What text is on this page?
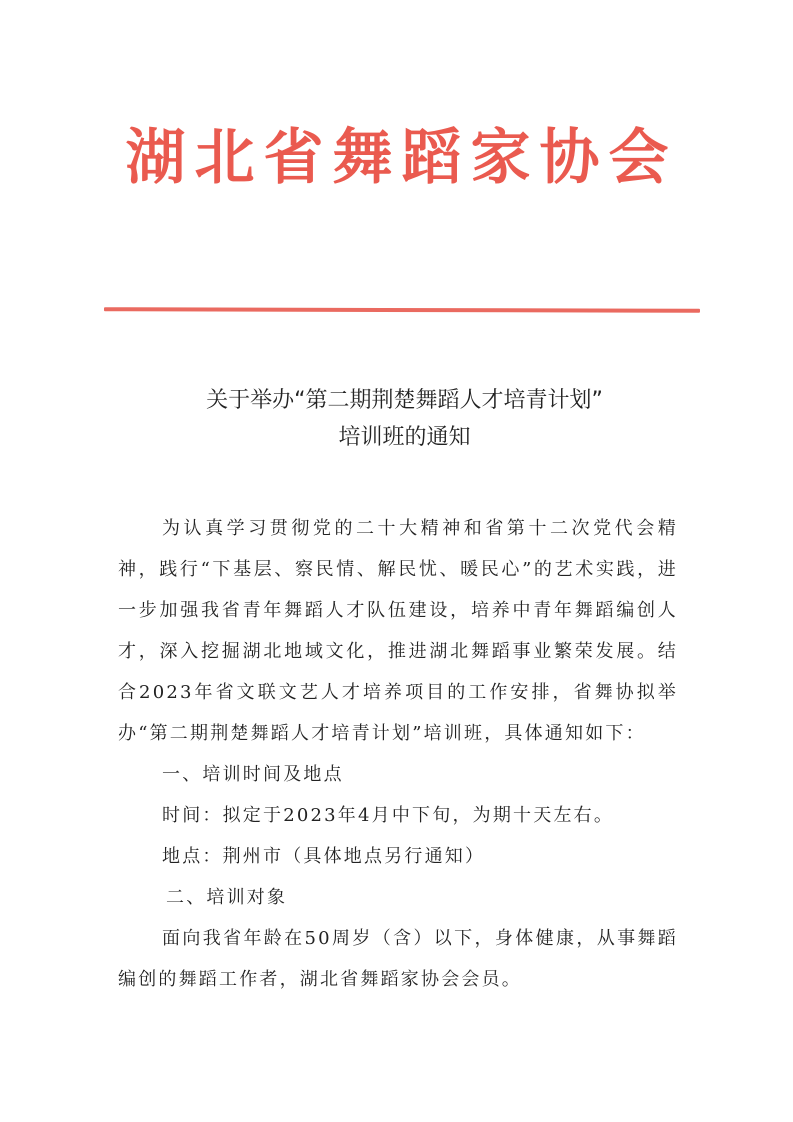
湖北省舞蹈家协会
关于举办“第二期荆楚舞蹈人才培青计划”
培训班的通知

为认真学习贯彻党的二十大精神和省第十二次党代会精神，践行“下基层、察民情、解民忧、暖民心”的艺术实践，进一步加强我省青年舞蹈人才队伍建设，培养中青年舞蹈编创人才，深入挖掘湖北地域文化，推进湖北舞蹈事业繁荣发展。结合2023年省文联文艺人才培养项目的工作安排，省舞协拟举办“第二期荆楚舞蹈人才培青计划”培训班，具体通知如下：

一、培训时间及地点

时间：拟定于2023年4月中下旬，为期十天左右。

地点：荆州市（具体地点另行通知）

二、培训对象

面向我省年龄在50周岁（含）以下，身体健康，从事舞蹈编创的舞蹈工作者，湖北省舞蹈家协会会员。
